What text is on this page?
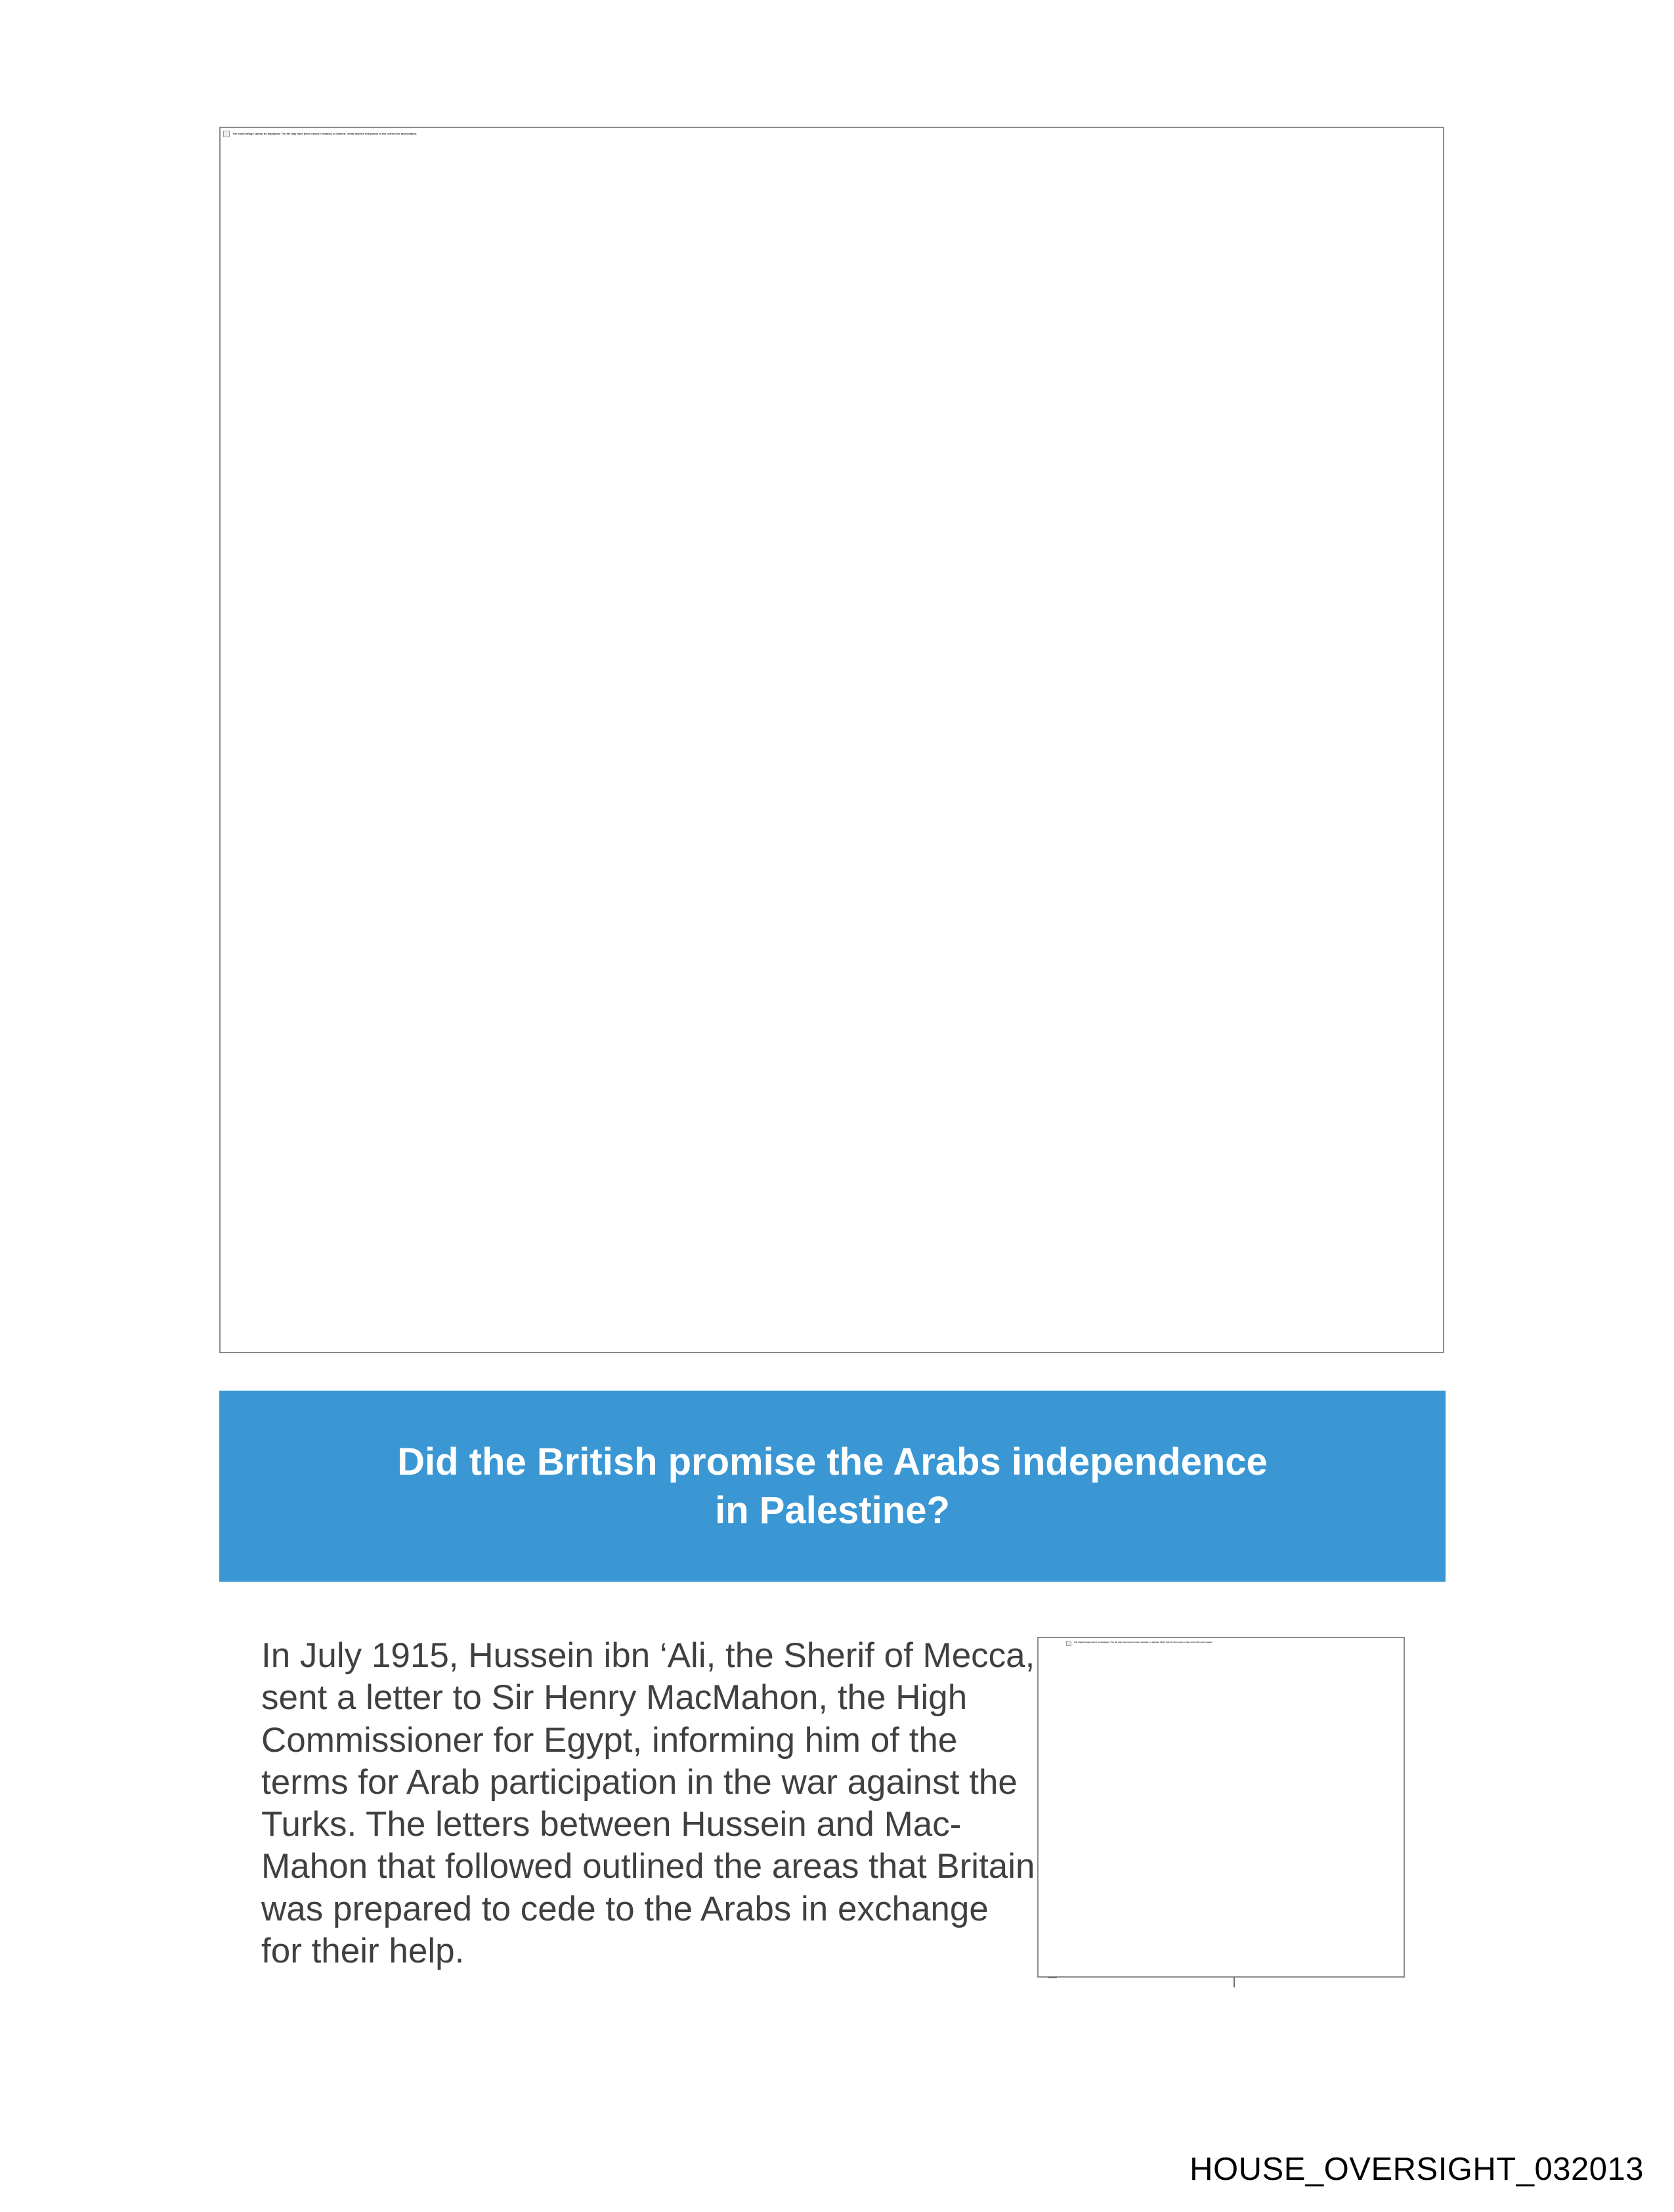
The linked image cannot be displayed. The file may have been moved, renamed, or deleted. Verify that the link points to the correct file and location.
Did the British promise the Arabs independence in Palestine?

In July 1915, Hussein ibn ‘Ali, the Sherif of Mecca, sent a letter to Sir Henry MacMahon, the High Commissioner for Egypt, informing him of the terms for Arab participation in the war against the Turks. The letters between Hussein and Mac-Mahon that followed outlined the areas that Britain was prepared to cede to the Arabs in exchange for their help.

The linked image cannot be displayed. The file may have been moved, renamed, or deleted. Verify that the link points to the correct file and location.
HOUSE_OVERSIGHT_032013
